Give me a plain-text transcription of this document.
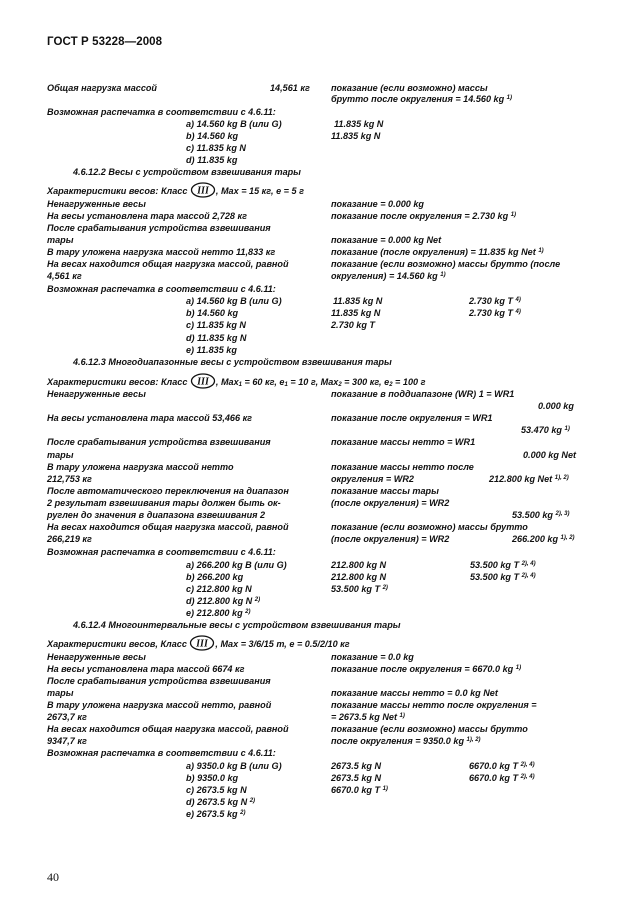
ГОСТ Р 53228—2008
Общая нагрузка массой	14,561 кг показание (если возможно) массы
брутто после округления = 14.560 kg $^{1)}$
Возможная распечатка в соответствии с 4.6.11:
a) 14.560 kg B (или G)	11.835 kg N
b) 14.560 kg	11.835 kg N
c) 11.835 kg N
d) 11.835 kg
4.6.12.2 Весы с устройством взвешивания тары
Характеристики весов: Класс III , Max = 15 кг, e = 5 г
Ненагруженные весы	показание = 0.000 kg
На весы установлена тара массой 2,728 кг	показание после округления = 2.730 kg $^{1)}$
После срабатывания устройства взвешивания
тары	показание = 0.000 kg Net
В тару уложена нагрузка массой нетто 11,833 кг	показание (после округления) = 11.835 kg Net $^{1)}$
На весах находится общая нагрузка массой, равной	показание (если возможно) массы брутто (после
4,561 кг	округления) = 14.560 kg $^{1)}$
Возможная распечатка в соответствии с 4.6.11:
a) 14.560 kg B (или G)	11.835 kg N	2.730 kg T $^{4)}$
b) 14.560 kg	11.835 kg N	2.730 kg T $^{4)}$
c) 11.835 kg N	2.730 kg T
d) 11.835 kg N
e) 11.835 kg
4.6.12.3 Многодиапазонные весы с устройством взвешивания тары
Характеристики весов: Класс III , Max$_1$ = 60 кг, $e_1 = 10$ г, Max$_2$ = 300 кг, $e_2 = 100$ г
Ненагруженные весы	показание в поддиапазоне (WR) 1 = WR1
0.000 kg
На весы установлена тара массой 53,466 кг	показание после округления = WR1
53.470 kg $^{1)}$
После срабатывания устройства взвешивания	показание массы нетто = WR1
тары	0.000 kg Net
В тару уложена нагрузка массой нетто	показание массы нетто после
212,753 кг	округления = WR2	212.800 kg Net $^{1), 2)}$
После автоматического переключения на диапазон	показание массы тары
2 результат взвешивания тары должен быть ок-	(после округления) = WR2
руглен до значения в диапазона взвешивания 2	53.500 kg $^{2), 3)}$
На весах находится общая нагрузка массой, равной	показание (если возможно) массы брутто
266,219 кг	(после округления) = WR2	266.200 kg $^{1), 2)}$
Возможная распечатка в соответствии с 4.6.11:
a) 266.200 kg B (или G)	212.800 kg N	53.500 kg T $^{2), 4)}$
b) 266.200 kg	212.800 kg N	53.500 kg T $^{2), 4)}$
c) 212.800 kg N	53.500 kg T $^{2)}$
d) 212.800 kg N $^{2)}$
e) 212.800 kg $^{2)}$
4.6.12.4 Многоинтервальные весы с устройством взвешивания тары
Характеристики весов, Класс III , Max = 3/6/15 т, e = 0.5/2/10 кг
Ненагруженные весы	показание = 0.0 kg
На весы установлена тара массой 6674 кг	показание после округления = 6670.0 kg $^{1)}$
После срабатывания устройства взвешивания
тары	показание массы нетто = 0.0 kg Net
В тару уложена нагрузка массой нетто, равной	показание массы нетто после округления =
2673,7 кг	= 2673.5 kg Net $^{1)}$
На весах находится общая нагрузка массой, равной	показание (если возможно) массы брутто
9347,7 кг	после округления = 9350.0 kg $^{1), 2)}$
Возможная распечатка в соответствии с 4.6.11:
a) 9350.0 kg B (или G)	2673.5 kg N	6670.0 kg T $^{2), 4)}$
b) 9350.0 kg	2673.5 kg N	6670.0 kg T $^{2), 4)}$
c) 2673.5 kg N	6670.0 kg T $^{1)}$
d) 2673.5 kg N $^{2)}$
e) 2673.5 kg $^{2)}$
40
